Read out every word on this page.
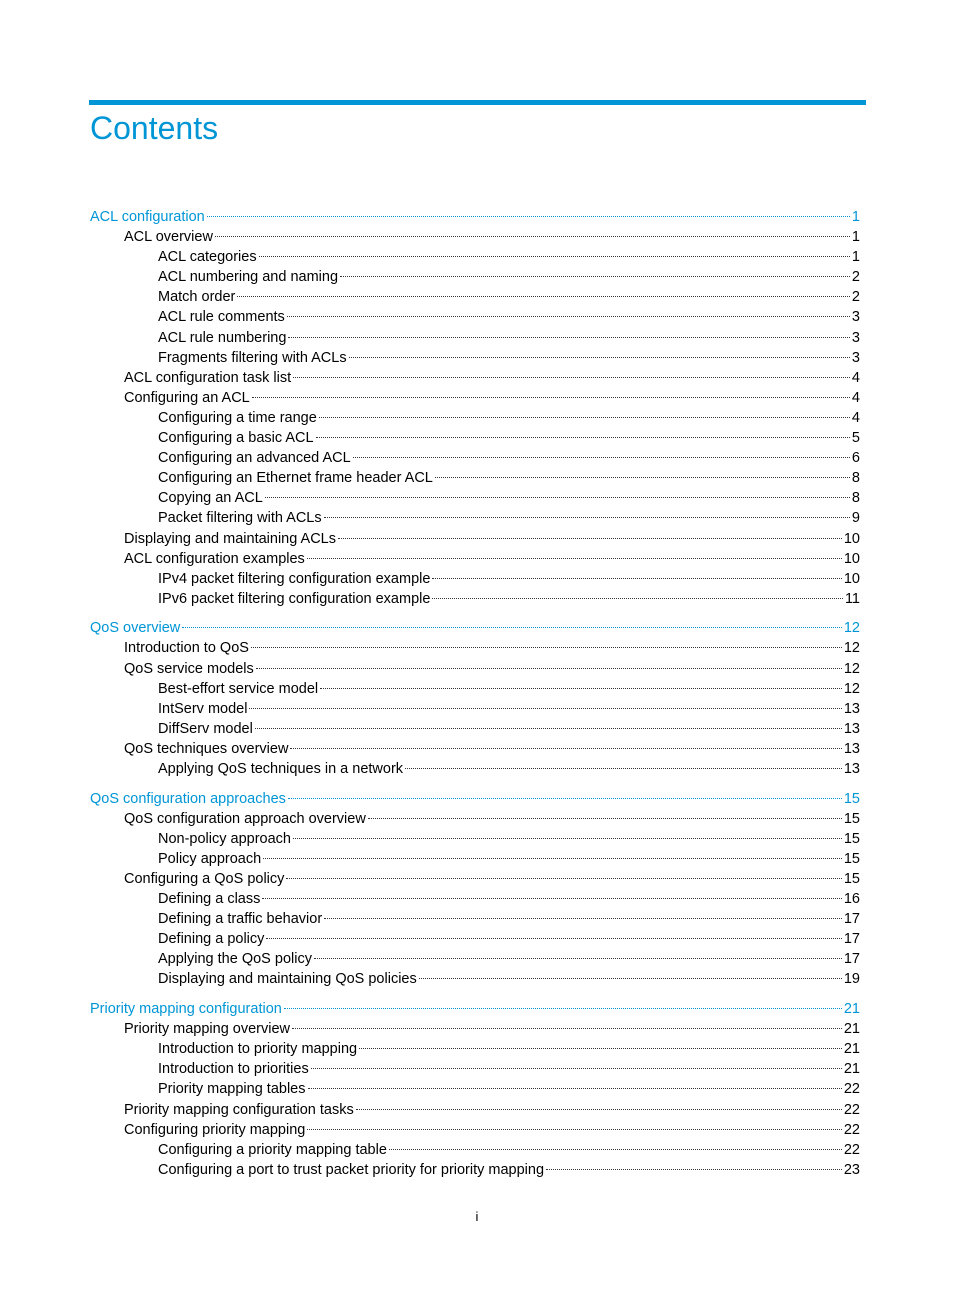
Contents
ACL configuration	1
ACL overview	1
ACL categories	1
ACL numbering and naming	2
Match order	2
ACL rule comments	3
ACL rule numbering	3
Fragments filtering with ACLs	3
ACL configuration task list	4
Configuring an ACL	4
Configuring a time range	4
Configuring a basic ACL	5
Configuring an advanced ACL	6
Configuring an Ethernet frame header ACL	8
Copying an ACL	8
Packet filtering with ACLs	9
Displaying and maintaining ACLs	10
ACL configuration examples	10
IPv4 packet filtering configuration example	10
IPv6 packet filtering configuration example	11
QoS overview	12
Introduction to QoS	12
QoS service models	12
Best-effort service model	12
IntServ model	13
DiffServ model	13
QoS techniques overview	13
Applying QoS techniques in a network	13
QoS configuration approaches	15
QoS configuration approach overview	15
Non-policy approach	15
Policy approach	15
Configuring a QoS policy	15
Defining a class	16
Defining a traffic behavior	17
Defining a policy	17
Applying the QoS policy	17
Displaying and maintaining QoS policies	19
Priority mapping configuration	21
Priority mapping overview	21
Introduction to priority mapping	21
Introduction to priorities	21
Priority mapping tables	22
Priority mapping configuration tasks	22
Configuring priority mapping	22
Configuring a priority mapping table	22
Configuring a port to trust packet priority for priority mapping	23
i
